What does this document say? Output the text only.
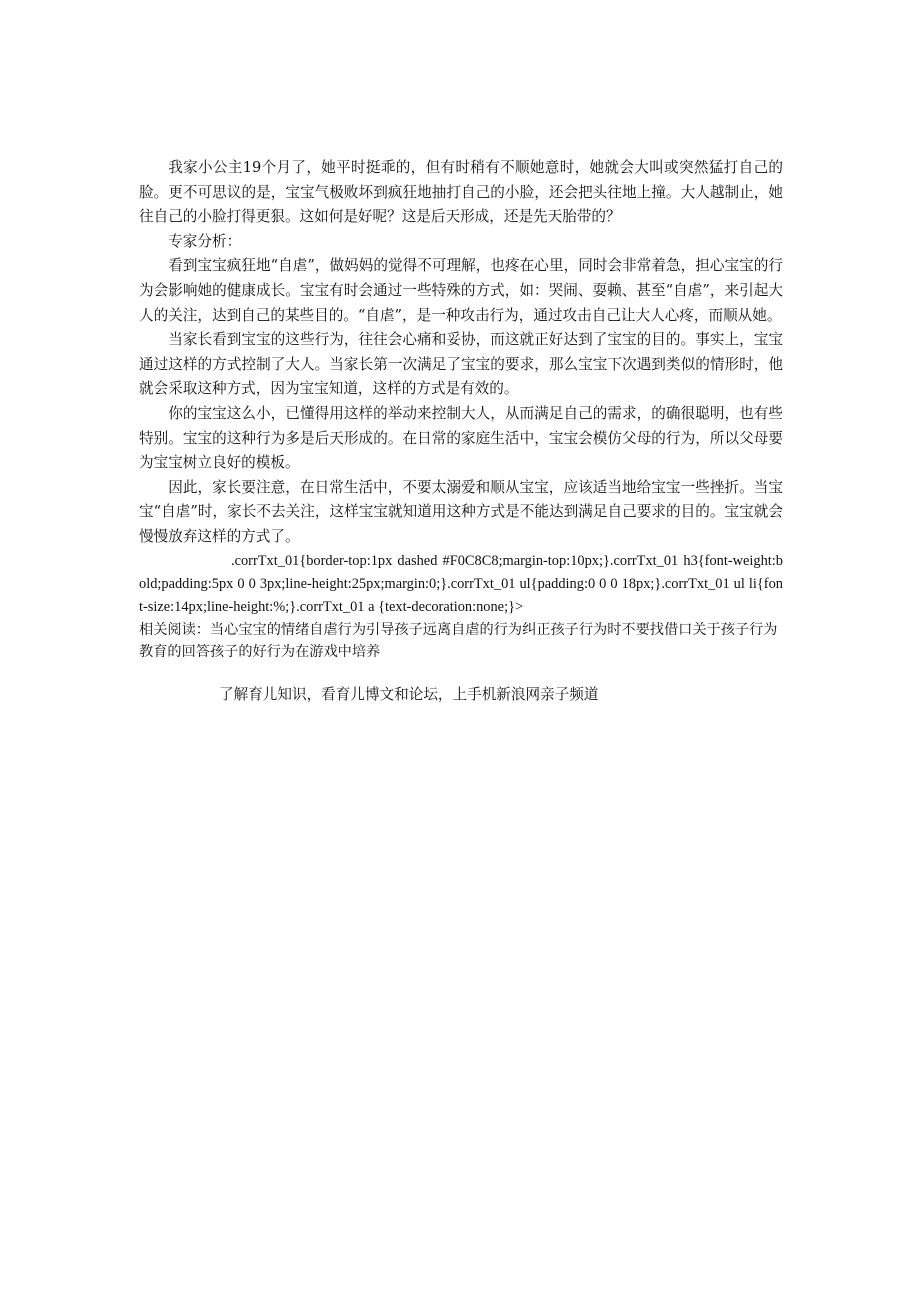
我家小公主19个月了，她平时挺乖的，但有时稍有不顺她意时，她就会大叫或突然猛打自己的脸。更不可思议的是，宝宝气极败坏到疯狂地抽打自己的小脸，还会把头往地上撞。大人越制止，她往自己的小脸打得更狠。这如何是好呢？这是后天形成，还是先天胎带的？

专家分析：

看到宝宝疯狂地“自虐”，做妈妈的觉得不可理解，也疼在心里，同时会非常着急，担心宝宝的行为会影响她的健康成长。宝宝有时会通过一些特殊的方式，如：哭闹、耍赖、甚至“自虐”，来引起大人的关注，达到自己的某些目的。“自虐”，是一种攻击行为，通过攻击自己让大人心疼，而顺从她。

当家长看到宝宝的这些行为，往往会心痛和妥协，而这就正好达到了宝宝的目的。事实上，宝宝通过这样的方式控制了大人。当家长第一次满足了宝宝的要求，那么宝宝下次遇到类似的情形时，他就会采取这种方式，因为宝宝知道，这样的方式是有效的。

你的宝宝这么小，已懂得用这样的举动来控制大人，从而满足自己的需求，的确很聪明，也有些特别。宝宝的这种行为多是后天形成的。在日常的家庭生活中，宝宝会模仿父母的行为，所以父母要为宝宝树立良好的模板。

因此，家长要注意，在日常生活中，不要太溺爱和顺从宝宝，应该适当地给宝宝一些挫折。当宝宝“自虐”时，家长不去关注，这样宝宝就知道用这种方式是不能达到满足自己要求的目的。宝宝就会慢慢放弃这样的方式了。

.corrTxt_01{border-top:1px dashed #F0C8C8;margin-top:10px;}.corrTxt_01 h3{font-weight:bold;padding:5px 0 0 3px;line-height:25px;margin:0;}.corrTxt_01 ul{padding:0 0 0 18px;}.corrTxt_01 ul li{font-size:14px;line-height:%;}.corrTxt_01 a {text-decoration:none;}>

相关阅读：当心宝宝的情绪自虐行为引导孩子远离自虐的行为纠正孩子行为时不要找借口关于孩子行为教育的回答孩子的好行为在游戏中培养

了解育儿知识，看育儿博文和论坛，上手机新浪网亲子频道
